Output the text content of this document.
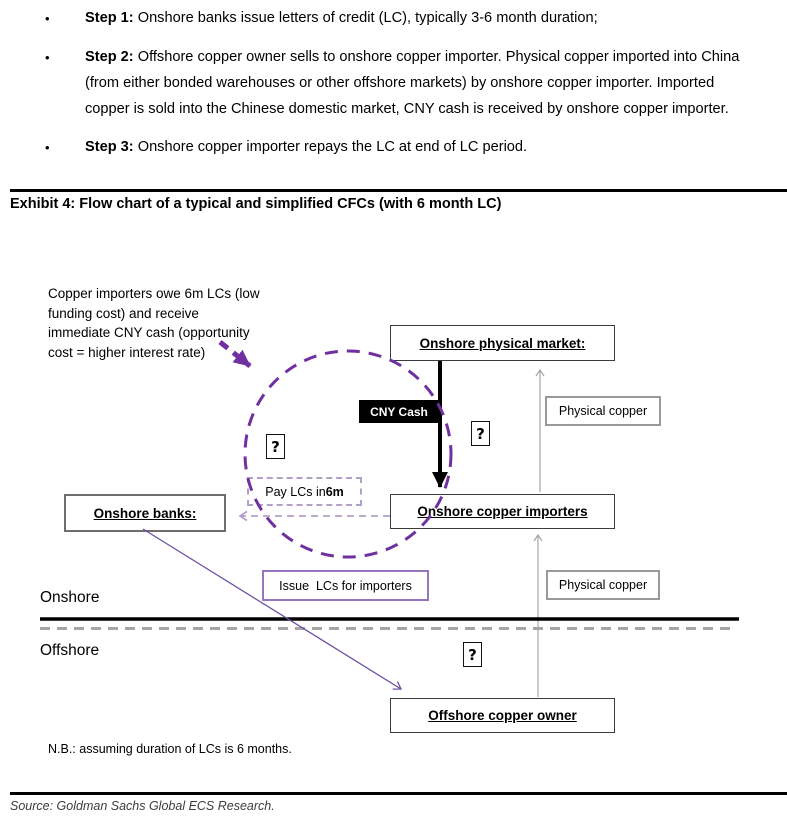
•	Step 1: Onshore banks issue letters of credit (LC), typically 3-6 month duration;
•	Step 2: Offshore copper owner sells to onshore copper importer. Physical copper imported into China (from either bonded warehouses or other offshore markets) by onshore copper importer. Imported copper is sold into the Chinese domestic market, CNY cash is received by onshore copper importer.
•	Step 3: Onshore copper importer repays the LC at end of LC period.
Exhibit 4: Flow chart of a typical and simplified CFCs (with 6 month LC)
Copper importers owe 6m LCs (low funding cost) and receive immediate CNY cash (opportunity cost = higher interest rate)
Onshore physical market:
Onshore copper importers
Onshore banks:
Offshore copper owner
CNY Cash	Physical copper
Physical copper
Pay LCs in 6m
Issue  LCs for importers
?
?
?
Onshore
Offshore
N.B.: assuming duration of LCs is 6 months.
Source: Goldman Sachs Global ECS Research.
